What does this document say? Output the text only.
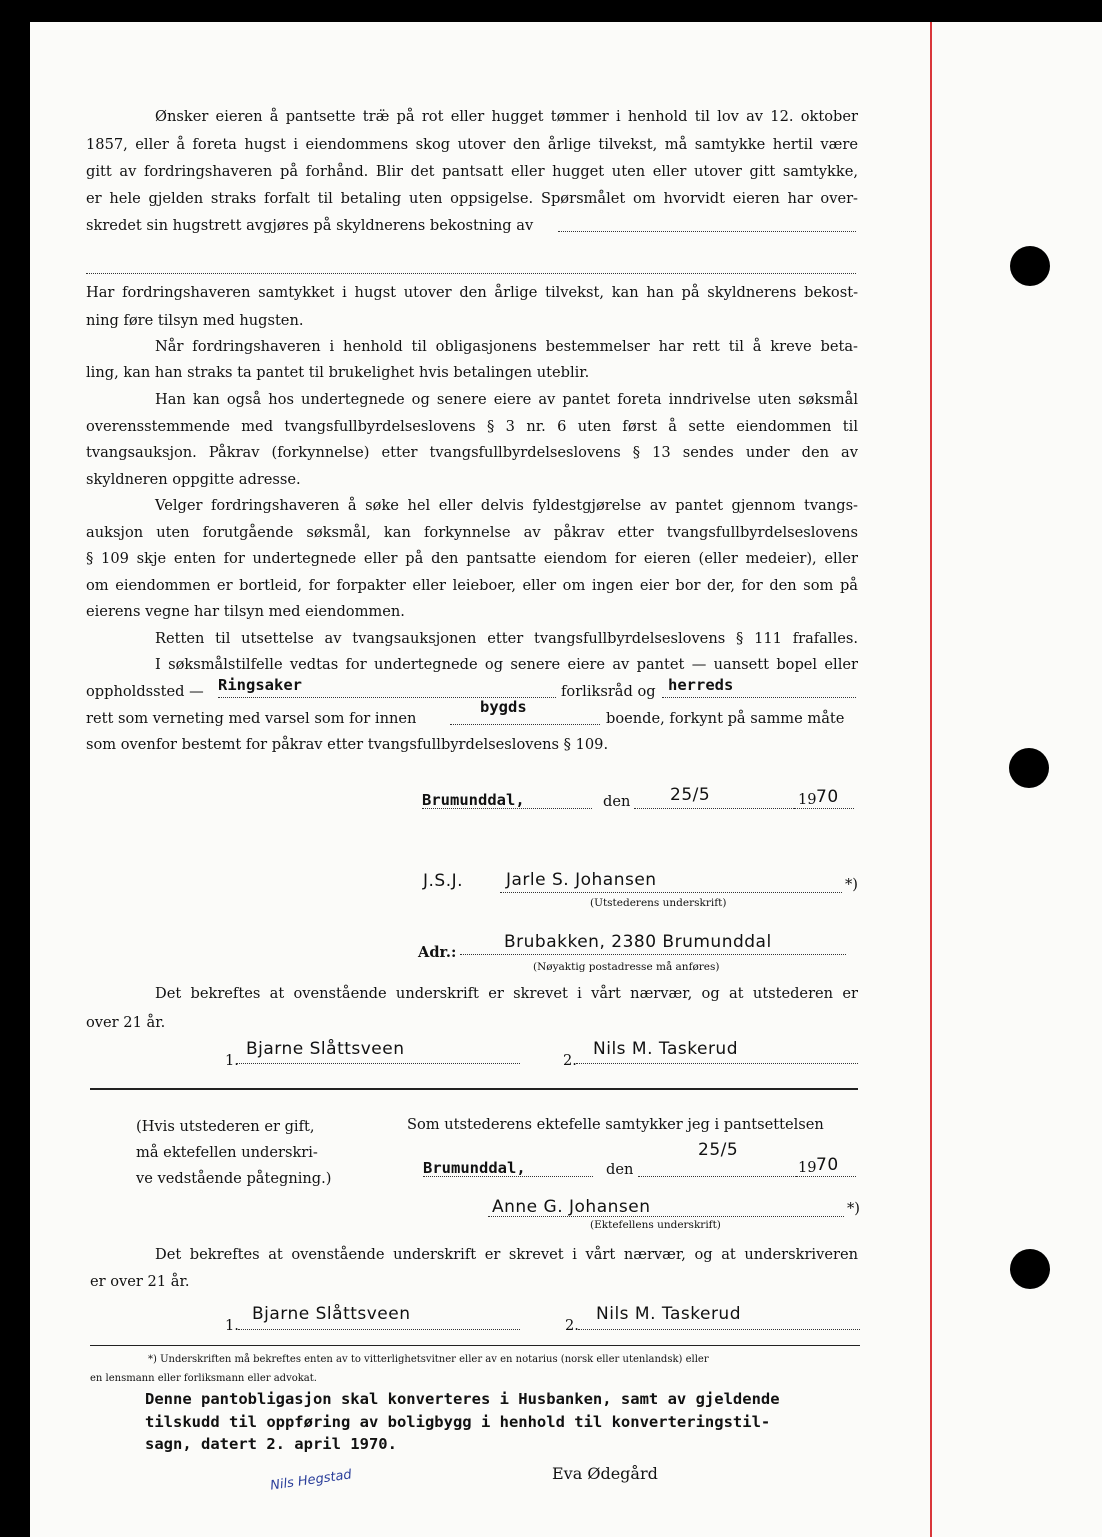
Ønsker eieren å pantsette træ̈ på rot eller hugget tømmer i henhold til lov av 12. oktober
1857, eller å foreta hugst i eiendommens skog utover den årlige tilvekst, må samtykke hertil være
gitt av fordringshaveren på forhånd. Blir det pantsatt eller hugget uten eller utover gitt samtykke,
er hele gjelden straks forfalt til betaling uten oppsigelse. Spørsmålet om hvorvidt eieren har over-
skredet sin hugstrett avgjøres på skyldnerens bekostning av
Har fordringshaveren samtykket i hugst utover den årlige tilvekst, kan han på skyldnerens bekost-
ning føre tilsyn med hugsten.
Når fordringshaveren i henhold til obligasjonens bestemmelser har rett til å kreve beta-
ling, kan han straks ta pantet til brukelighet hvis betalingen uteblir.
Han kan også hos undertegnede og senere eiere av pantet foreta inndrivelse uten søksmål
overensstemmende med tvangsfullbyrdelseslovens § 3 nr. 6 uten først å sette eiendommen til
tvangsauksjon. Påkrav (forkynnelse) etter tvangsfullbyrdelseslovens § 13 sendes under den av
skyldneren oppgitte adresse.
Velger fordringshaveren å søke hel eller delvis fyldestgjørelse av pantet gjennom tvangs-
auksjon uten forutgående søksmål, kan forkynnelse av påkrav etter tvangsfullbyrdelseslovens
§ 109 skje enten for undertegnede eller på den pantsatte eiendom for eieren (eller medeier), eller
om eiendommen er bortleid, for forpakter eller leieboer, eller om ingen eier bor der, for den som på
eierens vegne har tilsyn med eiendommen.
Retten til utsettelse av tvangsauksjonen etter tvangsfullbyrdelseslovens § 111 frafalles.
I søksmålstilfelle vedtas for undertegnede og senere eiere av pantet — uansett bopel eller
oppholdssted — Ringsaker	forliksråd og herreds
rett som verneting med varsel som for innen
bygds
boende, forkynt på samme måte
som ovenfor bestemt for påkrav etter tvangsfullbyrdelseslovens § 109.
Brumunddal,	den 25/5	19 70
J.S.J.	Jarle S. Johansen	*)
(Utstederens underskrift)
Adr.:
Brubakken, 2380 Brumunddal
(Nøyaktig postadresse må anføres)
Det bekreftes at ovenstående underskrift er skrevet i vårt nærvær, og at utstederen er
over 21 år.
1.
Bjarne Slåttsveen
2.
Nils M. Taskerud
(Hvis utstederen er gift,
må ektefellen underskri-
ve vedstående påtegning.)
Som utstederens ektefelle samtykker jeg i pantsettelsen
Brumunddal,	den
25/5
19 70
Anne G. Johansen	*)
(Ektefellens underskrift)
Det bekreftes at ovenstående underskrift er skrevet i vårt nærvær, og at underskriveren
er over 21 år.
1.
Bjarne Slåttsveen
2.
Nils M. Taskerud
*) Underskriften må bekreftes enten av to vitterlighetsvitner eller av en notarius (norsk eller utenlandsk) eller
en lensmann eller forliksmann eller advokat.
Denne pantobligasjon skal konverteres i Husbanken, samt av gjeldende
tilskudd til oppføring av boligbygg i henhold til konverteringstil-
sagn, datert 2. april 1970.
Nils Hegstad	Eva Ødegård
